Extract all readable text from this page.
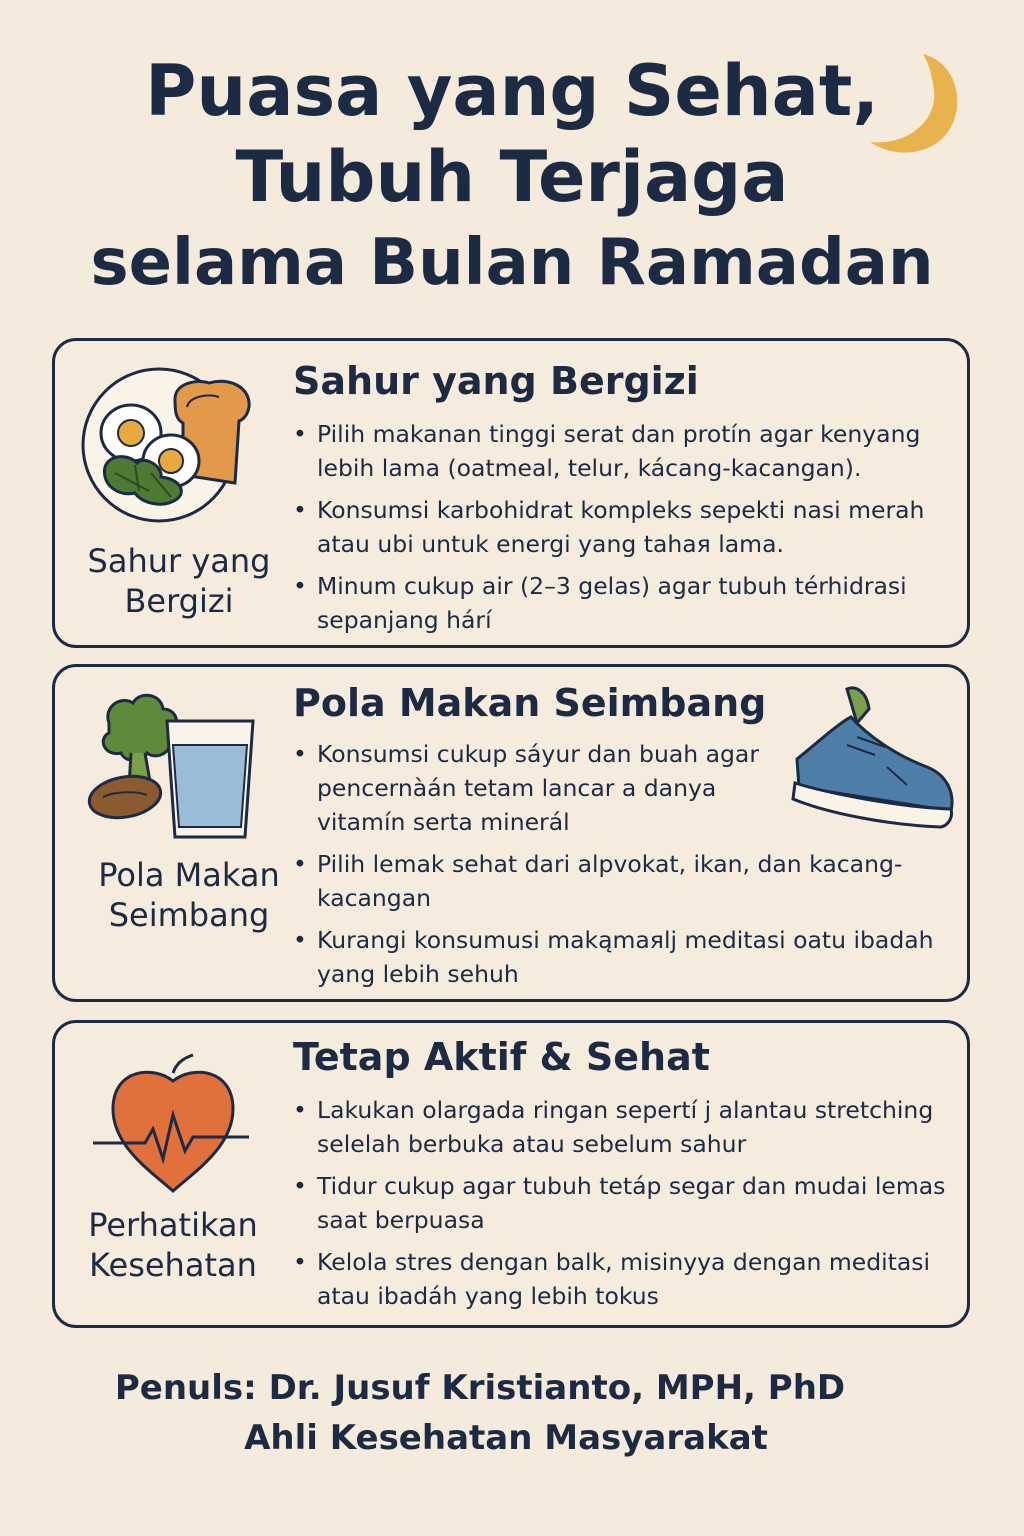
Puasa yang Sehat,
Tubuh Terjaga
selama Bulan Ramadan
Sahur yang Bergizi
Sahur yang Bergizi
• Pilih makanan tinggi serat dan protín agar kenyang lebih lama (oatmeal, telur, kácang-kacangan).
• Konsumsi karbohidrat kompleks sepekti nasi merah atau ubi untuk energi yang tahaя lama.
• Minum cukup air (2–3 gelas) agar tubuh térhidrasi sepanjang hárí
Pola Makan Seimbang
Pola Makan Seimbang
• Konsumsi cukup sáyur dan buah agar pencernàán tetam lancar a danya vitamín serta minerál
• Pilih lemak sehat dari alpvokat, ikan, dan kacang-kacangan
• Kurangi konsumusi makąmaяlj meditasi oatu ibadah yang lebih sehuh
Perhatikan Kesehatan
Tetap Aktif & Sehat
• Lakukan olargada ringan sepertí j alantau stretching selelah berbuka atau sebelum sahur
• Tidur cukup agar tubuh tetáp segar dan mudai lemas saat berpuasa
• Kelola stres dengan balk, misinyya dengan meditasi atau ibadáh yang lebih tokus
Penuls: Dr. Jusuf Kristianto, MPH, PhD
Ahli Kesehatan Masyarakat
